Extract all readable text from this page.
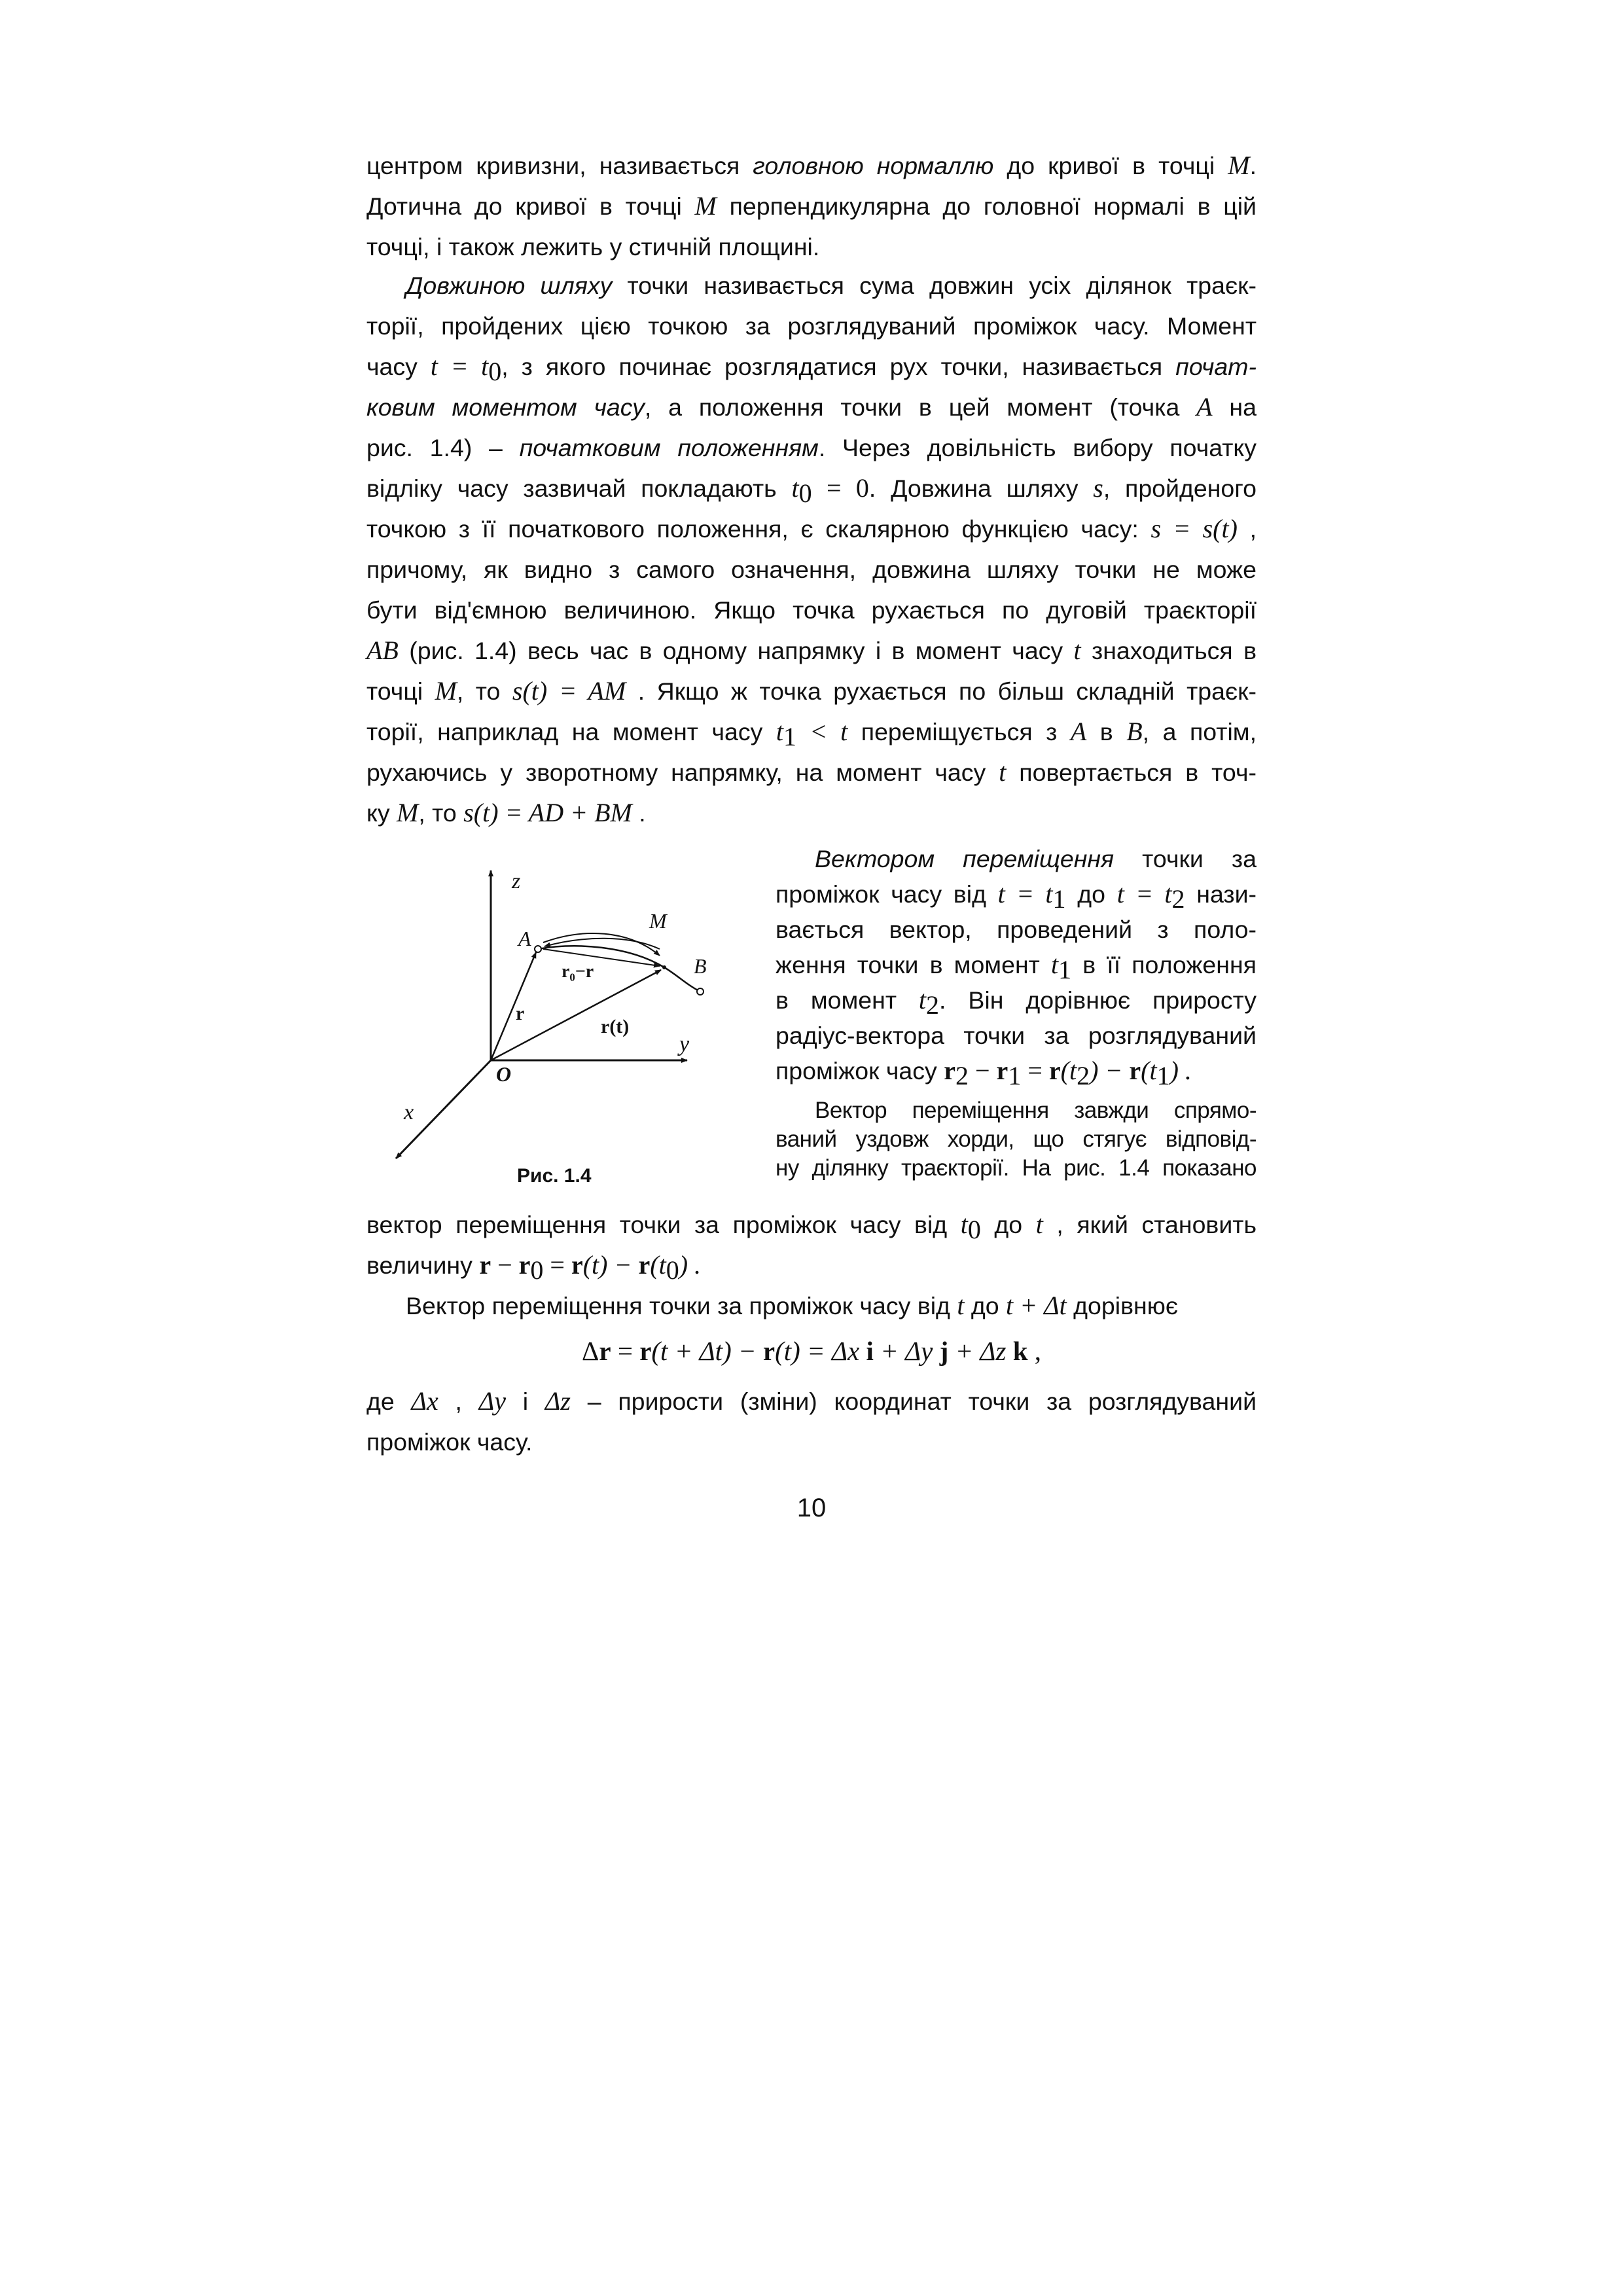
центром кривизни, називається головною нормаллю до кривої в точці M.
Дотична до кривої в точці M перпендикулярна до головної нормалі в цій
точці, і також лежить у стичній площині.
Довжиною шляху точки називається сума довжин усіх ділянок траєк-
торії, пройдених цією точкою за розглядуваний проміжок часу. Момент
часу $t = t_0$, з якого починає розглядатися рух точки, називається почат-
ковим моментом часу, а положення точки в цей момент (точка A на
рис. 1.4) – початковим положенням. Через довільність вибору початку
відліку часу зазвичай покладають $t_0 = 0$. Довжина шляху s, пройденого
точкою з її початкового положення, є скалярною функцією часу: s = s(t) ,
причому, як видно з самого означення, довжина шляху точки не може
бути від'ємною величиною. Якщо точка рухається по дуговій траєкторії
AB (рис. 1.4) весь час в одному напрямку і в момент часу t знаходиться в
точці M, то s(t) = AM . Якщо ж точка рухається по більш складній траєк-
торії, наприклад на момент часу $t_1 < t$ переміщується з A в B, а потім,
рухаючись у зворотному напрямку, на момент часу t повертається в точ-
ку M, то s(t) = AD + BM .
z
y
x
O
A
M
B
r
r₀−r
r(t)
Рис. 1.4
Вектором переміщення точки за
проміжок часу від $t = t_1$ до $t = t_2$ нази-
вається вектор, проведений з поло-
ження точки в момент $t_1$ в її положення
в момент $t_2$. Він дорівнює приросту
радіус-вектора точки за розглядуваний
проміжок часу $r_2 - r_1 = r(t_2) - r(t_1)$ .
Вектор переміщення завжди спрямо-
ваний уздовж хорди, що стягує відповід-
ну ділянку траєкторії. На рис. 1.4 показано
вектор переміщення точки за проміжок часу від $t_0$ до t , який становить
величину $r - r_0 = r(t) - r(t_0)$ .
Вектор переміщення точки за проміжок часу від t до t + Δt дорівнює
Δr = r(t + Δt) − r(t) = Δx i + Δy j + Δz k ,
де Δx , Δy і Δz – прирости (зміни) координат точки за розглядуваний
проміжок часу.
10
